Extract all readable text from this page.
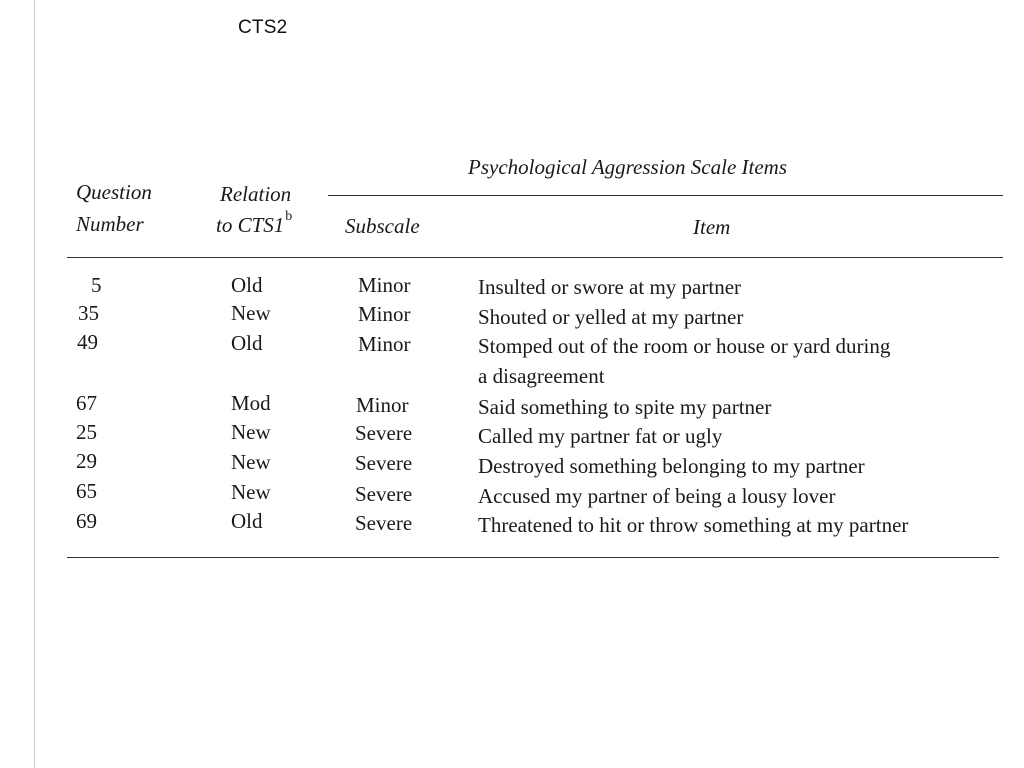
CTS2
Psychological Aggression Scale Items
Question
Number
Relation
to CTS1$^b$	Subscale	Item
5	Old	Minor	Insulted or swore at my partner
35	New	Minor	Shouted or yelled at my partner
49	Old	Minor	Stomped out of the room or house or yard during
a disagreement
67	Mod	Minor	Said something to spite my partner
25	New	Severe	Called my partner fat or ugly
29	New	Severe	Destroyed something belonging to my partner
65	New	Severe	Accused my partner of being a lousy lover
69	Old	Severe	Threatened to hit or throw something at my partner
